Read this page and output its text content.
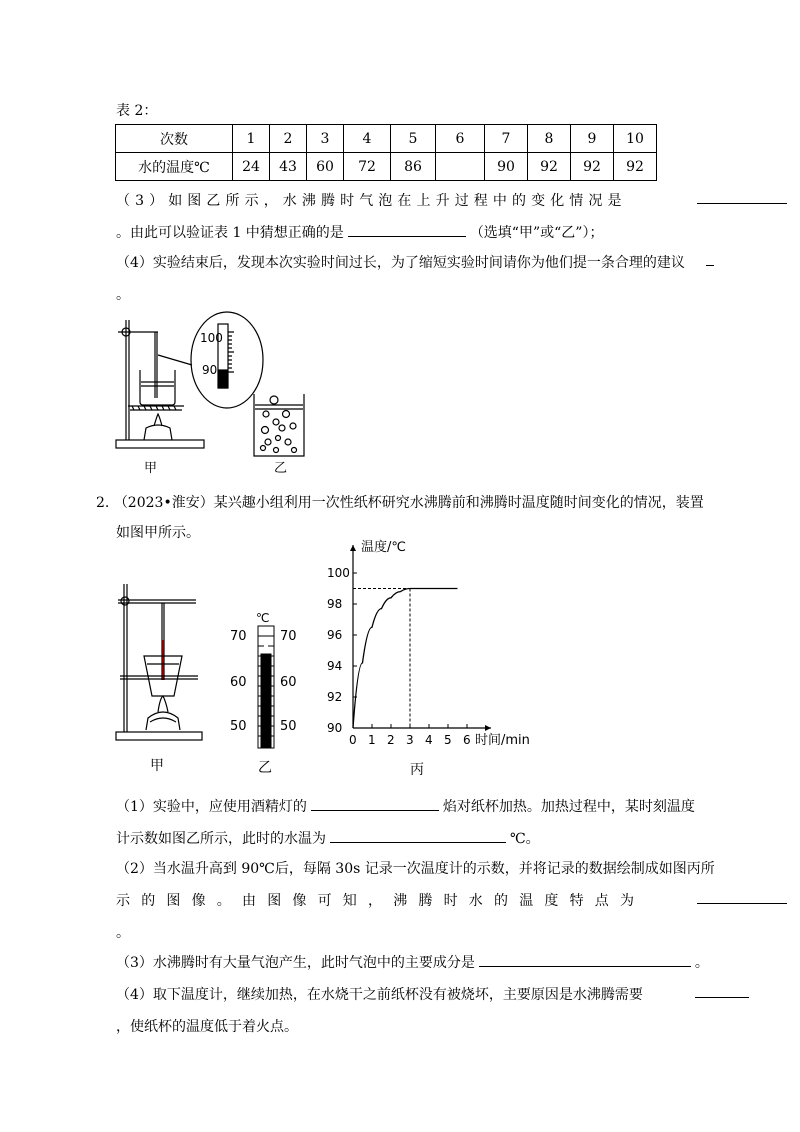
表 2：
次数	1	2	3	4	5	6	7	8	9	10
水的温度℃	24	43	60	72	86		90	92	92	92
（3）如图乙所示，水沸腾时气泡在上升过程中的变化情况是
。由此可以验证表 1 中猜想正确的是	（选填“甲”或“乙”）；
（4）实验结束后，发现本次实验时间过长，为了缩短实验时间请你为他们提一条合理的建议
。
100
90
甲	乙
2. （2023•淮安）某兴趣小组利用一次性纸杯研究水沸腾前和沸腾时温度随时间变化的情况，装置
如图甲所示。
甲
℃
70
60
50
70
60
50
乙
0 1 2 3 4 5 6
90
92
94
96
98
100
温度/℃
时间/min
丙
（1）实验中，应使用酒精灯的	焰对纸杯加热。加热过程中，某时刻温度
计示数如图乙所示，此时的水温为	℃。
（2）当水温升高到 90℃后，每隔 30s 记录一次温度计的示数，并将记录的数据绘制成如图丙所
示的图像。由图像可知，沸腾时水的温度特点为
。
（3）水沸腾时有大量气泡产生，此时气泡中的主要成分是	。
（4）取下温度计，继续加热，在水烧干之前纸杯没有被烧坏，主要原因是水沸腾需要
，使纸杯的温度低于着火点。
